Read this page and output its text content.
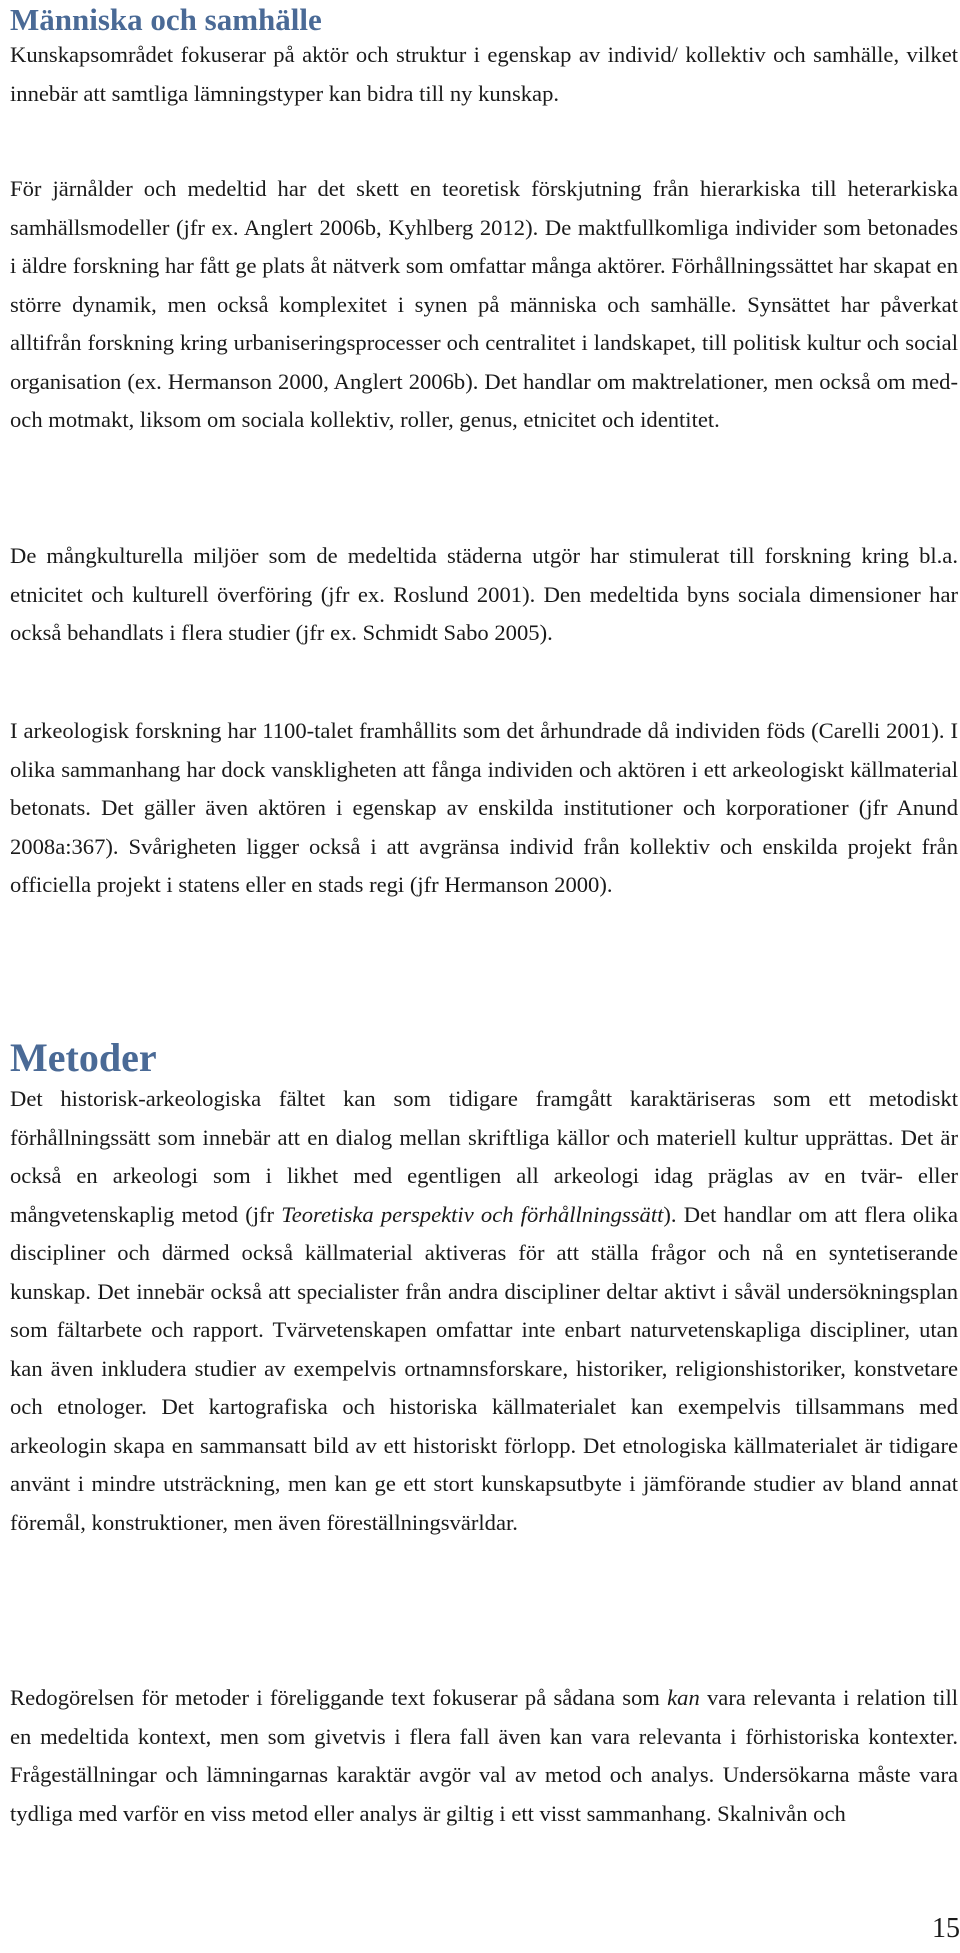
Människa och samhälle

Kunskapsområdet fokuserar på aktör och struktur i egenskap av individ/ kollektiv och samhälle, vilket innebär att samtliga lämningstyper kan bidra till ny kunskap.

För järnålder och medeltid har det skett en teoretisk förskjutning från hierarkiska till heterarkiska samhällsmodeller (jfr ex. Anglert 2006b, Kyhlberg 2012). De maktfullkomliga individer som betonades i äldre forskning har fått ge plats åt nätverk som omfattar många aktörer. Förhållningssättet har skapat en större dynamik, men också komplexitet i synen på människa och samhälle. Synsättet har påverkat alltifrån forskning kring urbaniseringsprocesser och centralitet i landskapet, till politisk kultur och social organisation (ex. Hermanson 2000, Anglert 2006b). Det handlar om maktrelationer, men också om med- och motmakt, liksom om sociala kollektiv, roller, genus, etnicitet och identitet.

De mångkulturella miljöer som de medeltida städerna utgör har stimulerat till forskning kring bl.a. etnicitet och kulturell överföring (jfr ex. Roslund 2001). Den medeltida byns sociala dimensioner har också behandlats i flera studier (jfr ex. Schmidt Sabo 2005).

I arkeologisk forskning har 1100-talet framhållits som det århundrade då individen föds (Carelli 2001). I olika sammanhang har dock vanskligheten att fånga individen och aktören i ett arkeologiskt källmaterial betonats. Det gäller även aktören i egenskap av enskilda institutioner och korporationer (jfr Anund 2008a:367). Svårigheten ligger också i att avgränsa individ från kollektiv och enskilda projekt från officiella projekt i statens eller en stads regi (jfr Hermanson 2000).

Metoder

Det historisk-arkeologiska fältet kan som tidigare framgått karaktäriseras som ett metodiskt förhållningssätt som innebär att en dialog mellan skriftliga källor och materiell kultur upprättas. Det är också en arkeologi som i likhet med egentligen all arkeologi idag präglas av en tvär- eller mångvetenskaplig metod (jfr Teoretiska perspektiv och förhållningssätt). Det handlar om att flera olika discipliner och därmed också källmaterial aktiveras för att ställa frågor och nå en syntetiserande kunskap. Det innebär också att specialister från andra discipliner deltar aktivt i såväl undersökningsplan som fältarbete och rapport. Tvärvetenskapen omfattar inte enbart naturvetenskapliga discipliner, utan kan även inkludera studier av exempelvis ortnamnsforskare, historiker, religionshistoriker, konstvetare och etnologer. Det kartografiska och historiska källmaterialet kan exempelvis tillsammans med arkeologin skapa en sammansatt bild av ett historiskt förlopp. Det etnologiska källmaterialet är tidigare använt i mindre utsträckning, men kan ge ett stort kunskapsutbyte i jämförande studier av bland annat föremål, konstruktioner, men även föreställningsvärldar.

Redogörelsen för metoder i föreliggande text fokuserar på sådana som kan vara relevanta i relation till en medeltida kontext, men som givetvis i flera fall även kan vara relevanta i förhistoriska kontexter. Frågeställningar och lämningarnas karaktär avgör val av metod och analys. Undersökarna måste vara tydliga med varför en viss metod eller analys är giltig i ett visst sammanhang. Skalnivån och

15
